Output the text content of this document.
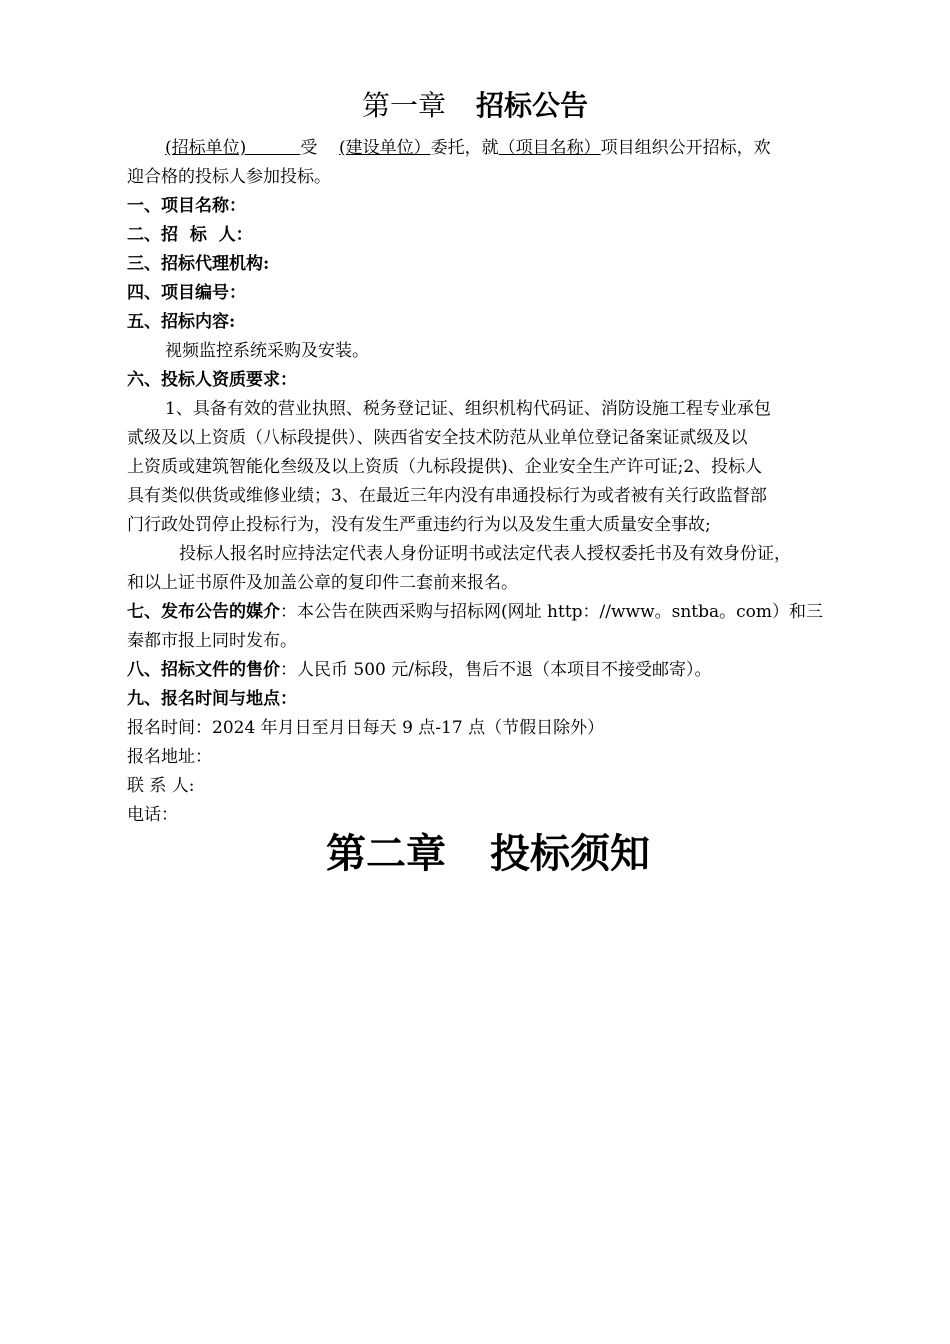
第一章 招标公告
(招标单位)	受 (建设单位）委托，就（项目名称）项目组织公开招标，欢
迎合格的投标人参加投标。
一、项目名称：
二、招  标  人：
三、招标代理机构:
四、项目编号：
五、招标内容:
视频监控系统采购及安装。
六、投标人资质要求：
1、具备有效的营业执照、税务登记证、组织机构代码证、消防设施工程专业承包
贰级及以上资质（八标段提供）、陕西省安全技术防范从业单位登记备案证贰级及以
上资质或建筑智能化叁级及以上资质（九标段提供)、企业安全生产许可证;2、投标人
具有类似供货或维修业绩；3、在最近三年内没有串通投标行为或者被有关行政监督部
门行政处罚停止投标行为，没有发生严重违约行为以及发生重大质量安全事故;
投标人报名时应持法定代表人身份证明书或法定代表人授权委托书及有效身份证，
和以上证书原件及加盖公章的复印件二套前来报名。
七、发布公告的媒介：本公告在陕西采购与招标网(网址 http：//www。sntba。com）和三
秦都市报上同时发布。
八、招标文件的售价：人民币 500 元/标段，售后不退（本项目不接受邮寄）。
九、报名时间与地点：
报名时间：2024 年月日至月日每天 9 点-17 点（节假日除外）
报名地址：
联 系 人:
电话：
第二章 投标须知
